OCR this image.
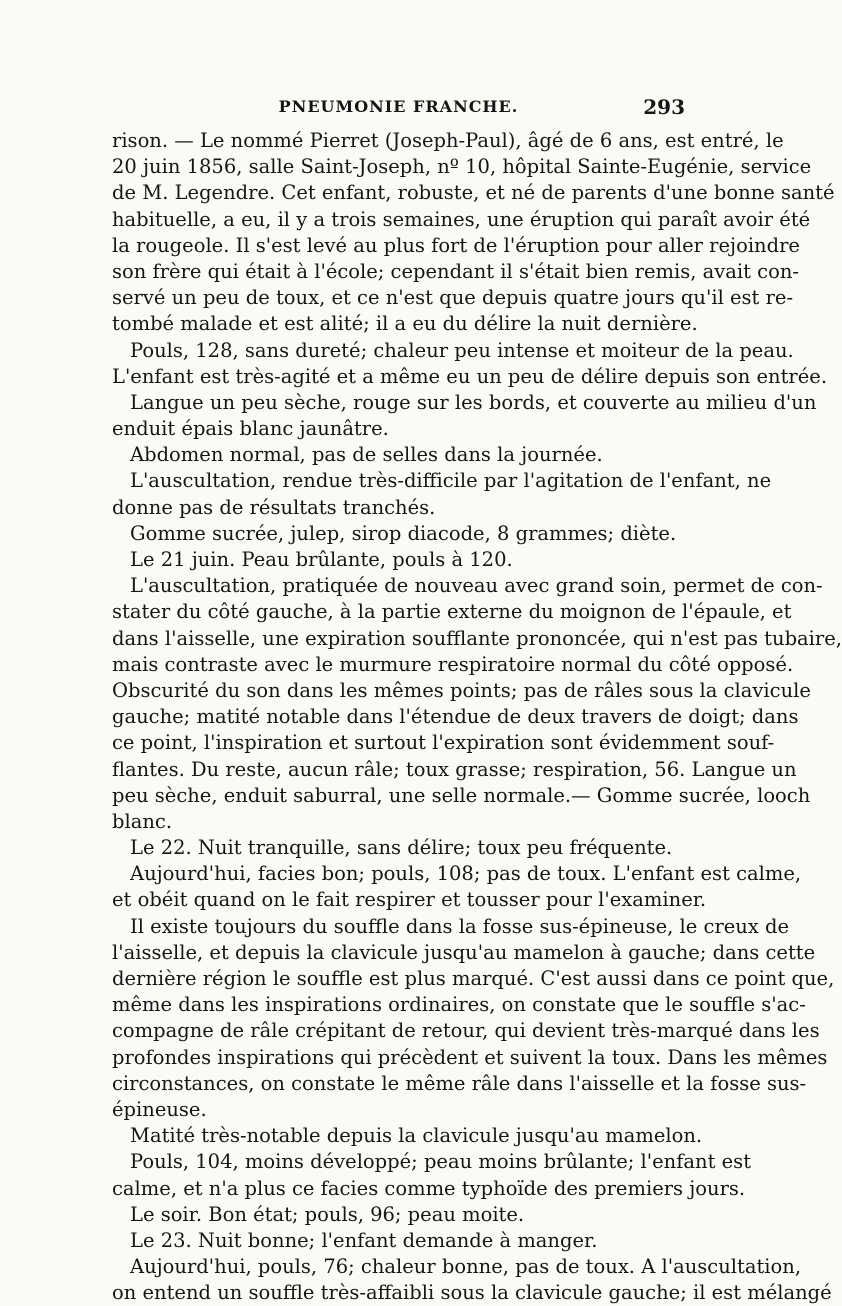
PNEUMONIE FRANCHE.	293
rison. — Le nommé Pierret (Joseph-Paul), âgé de 6 ans, est entré, le
20 juin 1856, salle Saint-Joseph, nº 10, hôpital Sainte-Eugénie, service
de M. Legendre. Cet enfant, robuste, et né de parents d'une bonne santé
habituelle, a eu, il y a trois semaines, une éruption qui paraît avoir été
la rougeole. Il s'est levé au plus fort de l'éruption pour aller rejoindre
son frère qui était à l'école; cependant il s'était bien remis, avait con-
servé un peu de toux, et ce n'est que depuis quatre jours qu'il est re-
tombé malade et est alité; il a eu du délire la nuit dernière.
Pouls, 128, sans dureté; chaleur peu intense et moiteur de la peau.
L'enfant est très-agité et a même eu un peu de délire depuis son entrée.
Langue un peu sèche, rouge sur les bords, et couverte au milieu d'un
enduit épais blanc jaunâtre.
Abdomen normal, pas de selles dans la journée.
L'auscultation, rendue très-difficile par l'agitation de l'enfant, ne
donne pas de résultats tranchés.
Gomme sucrée, julep, sirop diacode, 8 grammes; diète.
Le 21 juin. Peau brûlante, pouls à 120.
L'auscultation, pratiquée de nouveau avec grand soin, permet de con-
stater du côté gauche, à la partie externe du moignon de l'épaule, et
dans l'aisselle, une expiration soufflante prononcée, qui n'est pas tubaire,
mais contraste avec le murmure respiratoire normal du côté opposé.
Obscurité du son dans les mêmes points; pas de râles sous la clavicule
gauche; matité notable dans l'étendue de deux travers de doigt; dans
ce point, l'inspiration et surtout l'expiration sont évidemment souf-
flantes. Du reste, aucun râle; toux grasse; respiration, 56. Langue un
peu sèche, enduit saburral, une selle normale.— Gomme sucrée, looch
blanc.
Le 22. Nuit tranquille, sans délire; toux peu fréquente.
Aujourd'hui, facies bon; pouls, 108; pas de toux. L'enfant est calme,
et obéit quand on le fait respirer et tousser pour l'examiner.
Il existe toujours du souffle dans la fosse sus-épineuse, le creux de
l'aisselle, et depuis la clavicule jusqu'au mamelon à gauche; dans cette
dernière région le souffle est plus marqué. C'est aussi dans ce point que,
même dans les inspirations ordinaires, on constate que le souffle s'ac-
compagne de râle crépitant de retour, qui devient très-marqué dans les
profondes inspirations qui précèdent et suivent la toux. Dans les mêmes
circonstances, on constate le même râle dans l'aisselle et la fosse sus-
épineuse.
Matité très-notable depuis la clavicule jusqu'au mamelon.
Pouls, 104, moins développé; peau moins brûlante; l'enfant est
calme, et n'a plus ce facies comme typhoïde des premiers jours.
Le soir. Bon état; pouls, 96; peau moite.
Le 23. Nuit bonne; l'enfant demande à manger.
Aujourd'hui, pouls, 76; chaleur bonne, pas de toux. A l'auscultation,
on entend un souffle très-affaibli sous la clavicule gauche; il est mélangé
